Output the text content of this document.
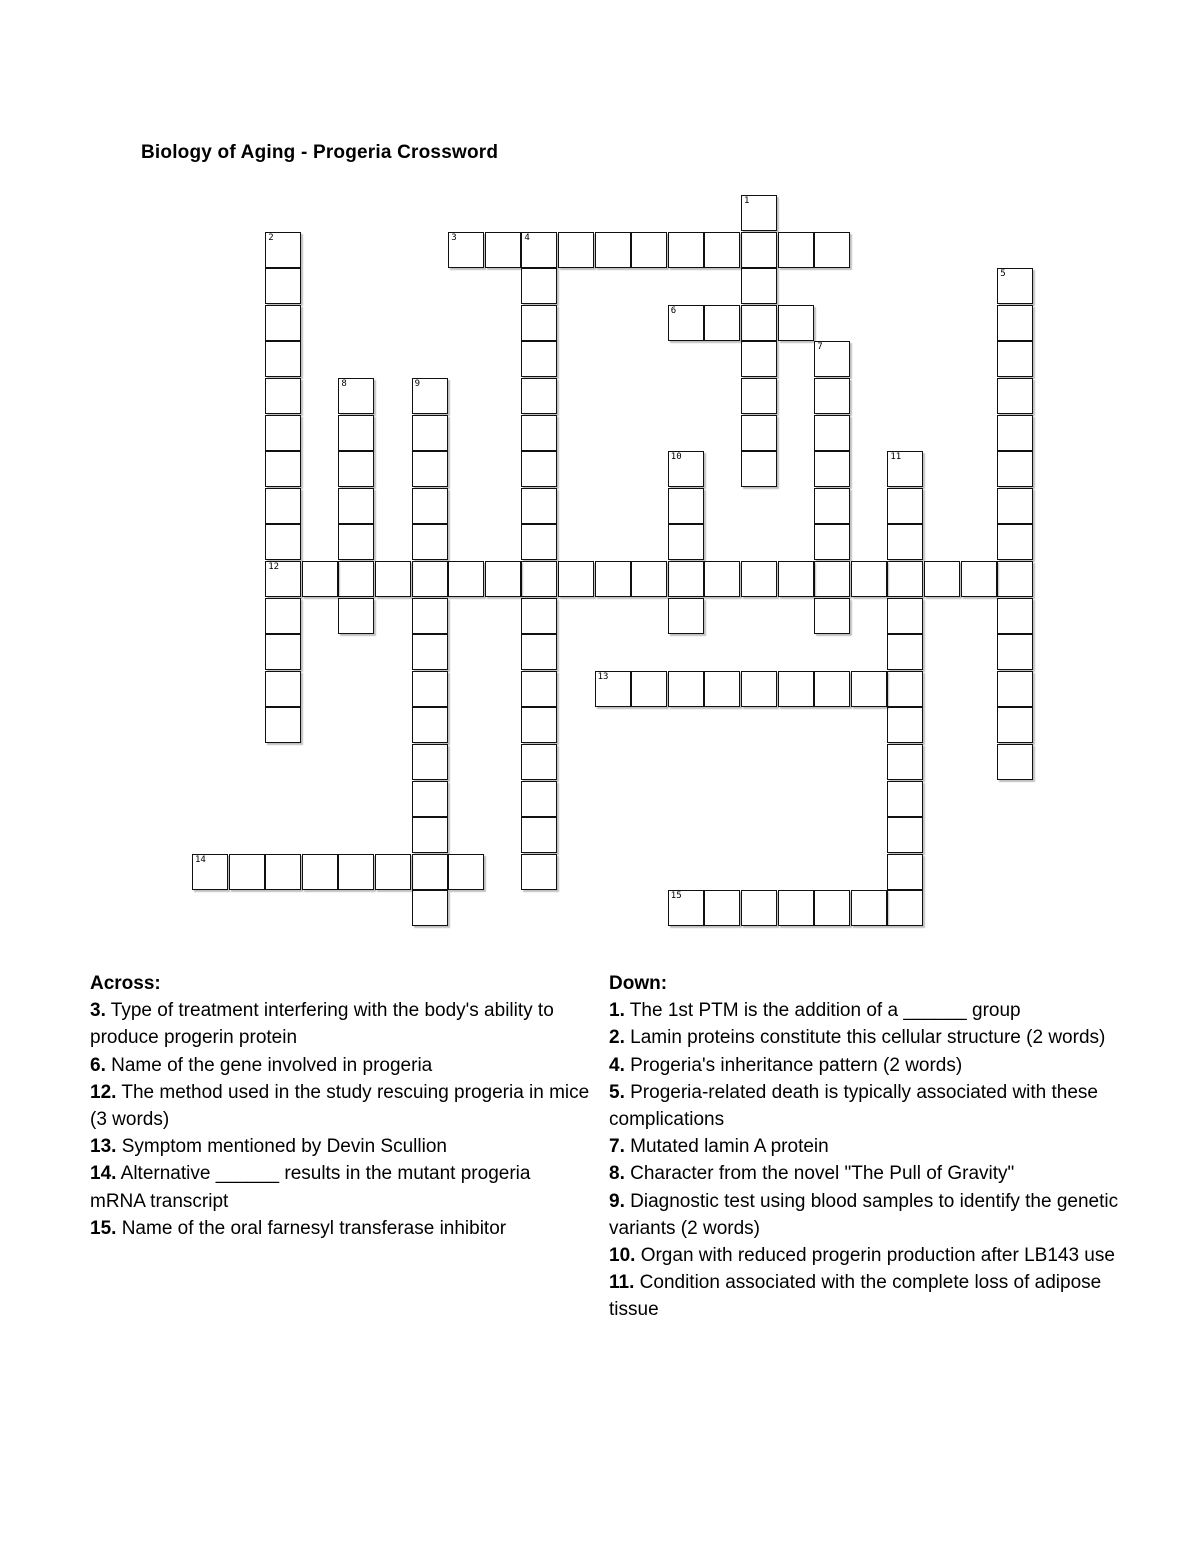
Biology of Aging - Progeria Crossword
1
2
12
3	4
5
6
7
8	9
10	11
13
14
15
Across:
3. Type of treatment interfering with the body's ability to produce progerin protein
6. Name of the gene involved in progeria
12. The method used in the study rescuing progeria in mice (3 words)
13. Symptom mentioned by Devin Scullion
14. Alternative ______ results in the mutant progeria mRNA transcript
15. Name of the oral farnesyl transferase inhibitor
Down:
1. The 1st PTM is the addition of a ______ group
2. Lamin proteins constitute this cellular structure (2 words)
4. Progeria's inheritance pattern (2 words)
5. Progeria-related death is typically associated with these complications
7. Mutated lamin A protein
8. Character from the novel "The Pull of Gravity"
9. Diagnostic test using blood samples to identify the genetic variants (2 words)
10. Organ with reduced progerin production after LB143 use
11. Condition associated with the complete loss of adipose tissue
